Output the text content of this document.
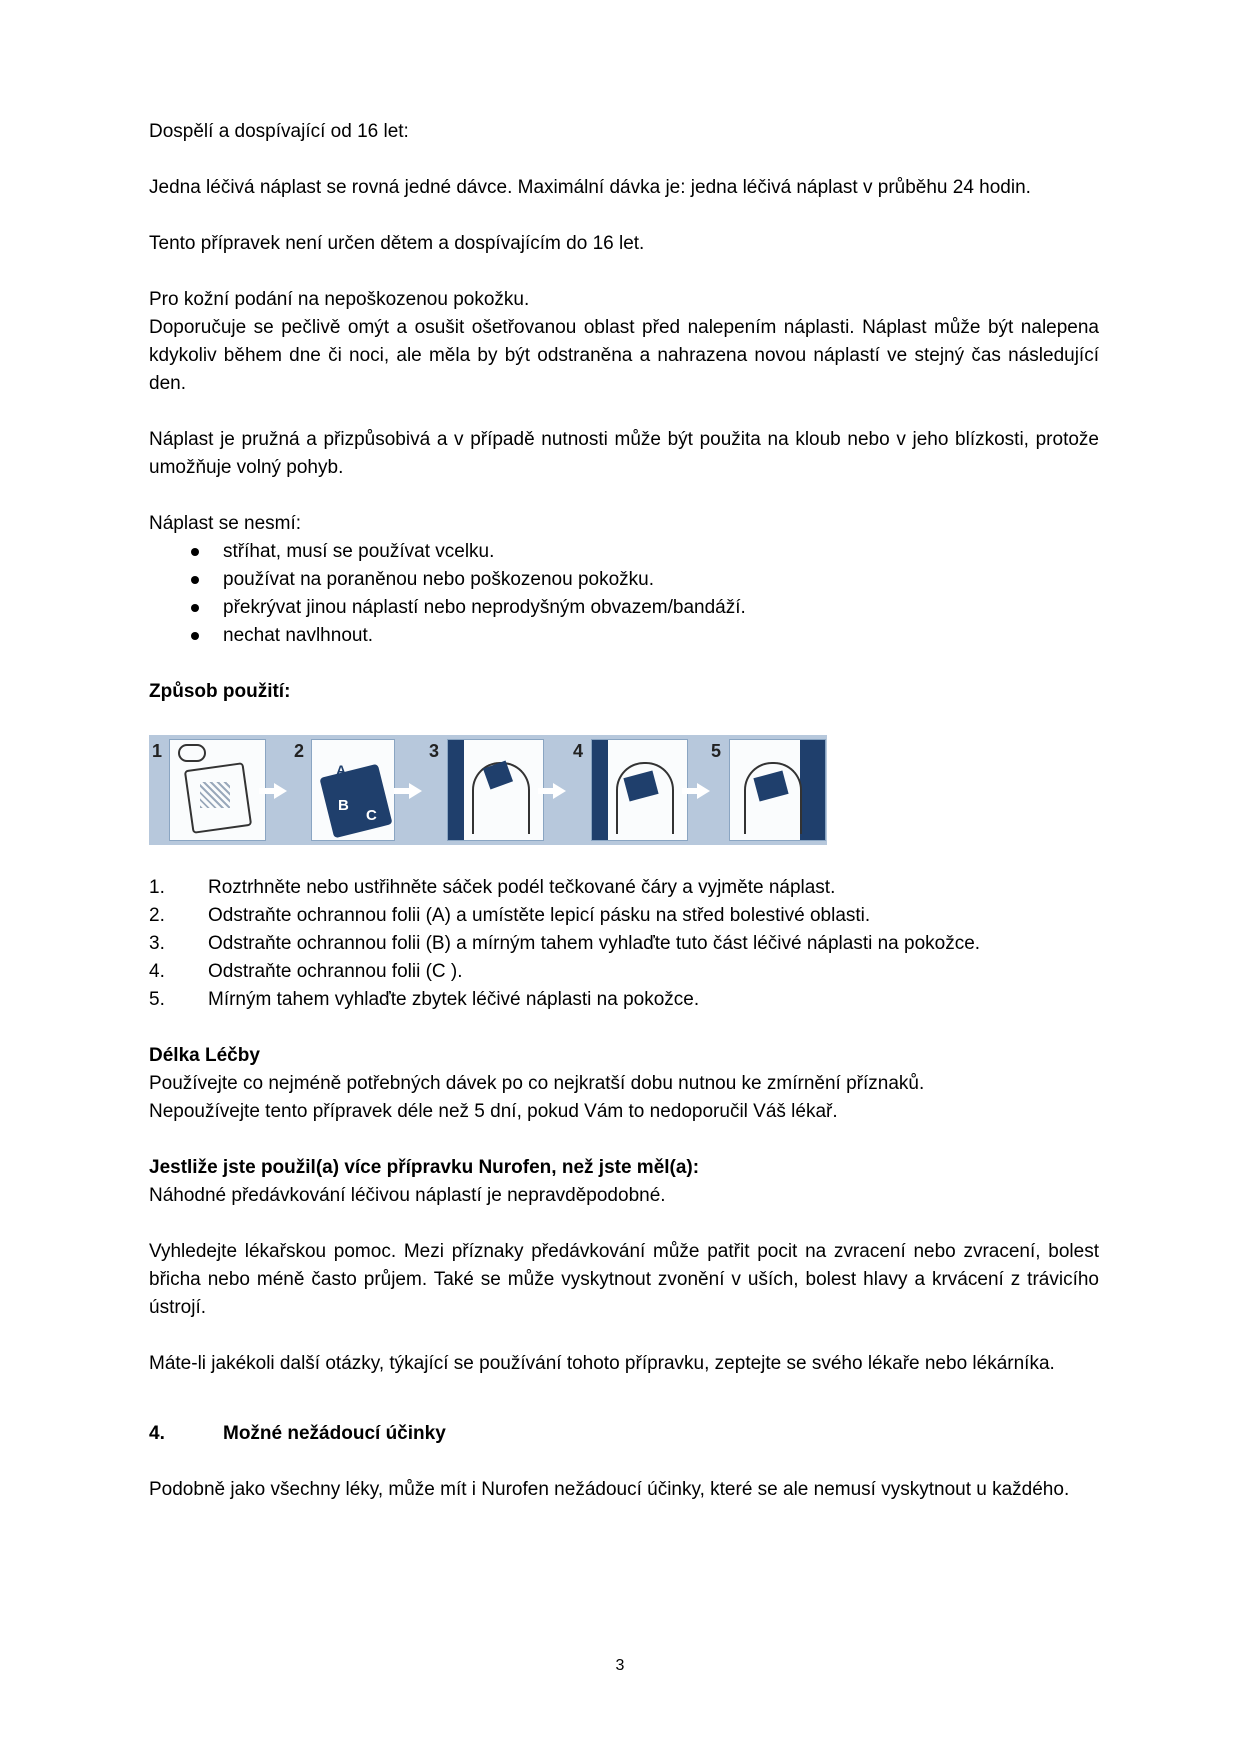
Dospělí a dospívající od 16 let:

Jedna léčivá náplast se rovná jedné dávce. Maximální dávka je: jedna léčivá náplast v průběhu 24 hodin.

Tento přípravek není určen dětem a dospívajícím do 16 let.

Pro kožní podání na nepoškozenou pokožku.

Doporučuje se pečlivě omýt a osušit ošetřovanou oblast před nalepením náplasti. Náplast může být nalepena kdykoliv během dne či noci, ale měla by být odstraněna a nahrazena novou náplastí ve stejný čas následující den.

Náplast je pružná a přizpůsobivá a v případě nutnosti může být použita na kloub nebo v jeho blízkosti, protože umožňuje volný pohyb.

Náplast se nesmí:

stříhat, musí se používat vcelku.
používat na poraněnou nebo poškozenou pokožku.
překrývat jinou náplastí nebo neprodyšným obvazem/bandáží.
nechat navlhnout.

Způsob použití:

1	2
A
B
C
3	4	5
1. Roztrhněte nebo ustřihněte sáček podél tečkované čáry a vyjměte náplast.
2. Odstraňte ochrannou folii (A) a umístěte lepicí pásku na střed bolestivé oblasti.
3. Odstraňte ochrannou folii (B) a mírným tahem vyhlaďte tuto část léčivé náplasti na pokožce.
4. Odstraňte ochrannou folii (C ).
5. Mírným tahem vyhlaďte zbytek léčivé náplasti na pokožce.

Délka Léčby

Používejte co nejméně potřebných dávek po co nejkratší dobu nutnou ke zmírnění příznaků.

Nepoužívejte tento přípravek déle než 5 dní, pokud Vám to nedoporučil Váš lékař.

Jestliže jste použil(a) více přípravku Nurofen, než jste měl(a):

Náhodné předávkování léčivou náplastí je nepravděpodobné.

Vyhledejte lékařskou pomoc. Mezi příznaky předávkování může patřit pocit na zvracení nebo zvracení, bolest břicha nebo méně často průjem. Také se může vyskytnout zvonění v uších, bolest hlavy a krvácení z trávicího ústrojí.

Máte-li jakékoli další otázky, týkající se používání tohoto přípravku, zeptejte se svého lékaře nebo lékárníka.

4.	Možné nežádoucí účinky

Podobně jako všechny léky, může mít i Nurofen nežádoucí účinky, které se ale nemusí vyskytnout u každého.

3
